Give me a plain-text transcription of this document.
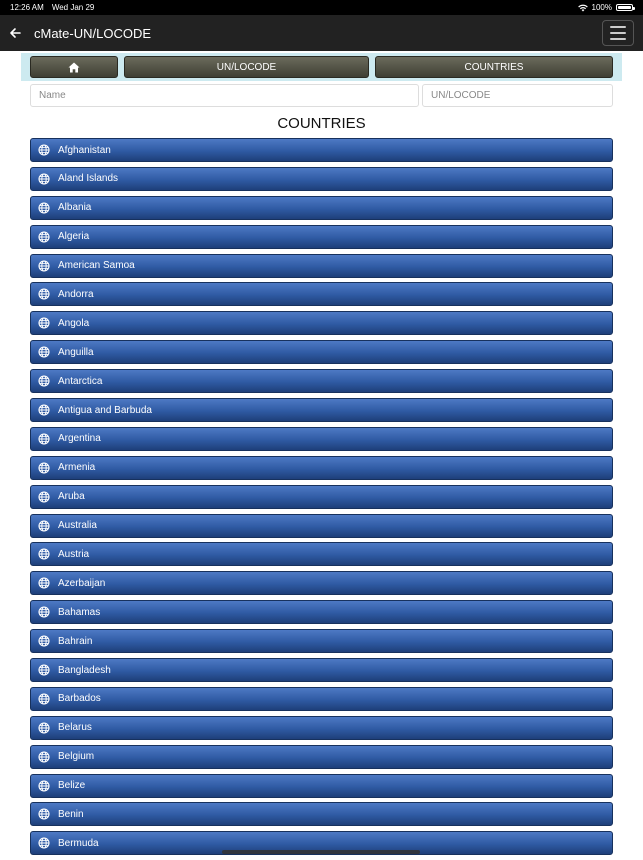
12:26 AM Wed Jan 29	100%
cMate-UN/LOCODE
UN/LOCODE	COUNTRIES
Name
UN/LOCODE
COUNTRIES
Afghanistan
Aland Islands
Albania
Algeria
American Samoa
Andorra
Angola
Anguilla
Antarctica
Antigua and Barbuda
Argentina
Armenia
Aruba
Australia
Austria
Azerbaijan
Bahamas
Bahrain
Bangladesh
Barbados
Belarus
Belgium
Belize
Benin
Bermuda
